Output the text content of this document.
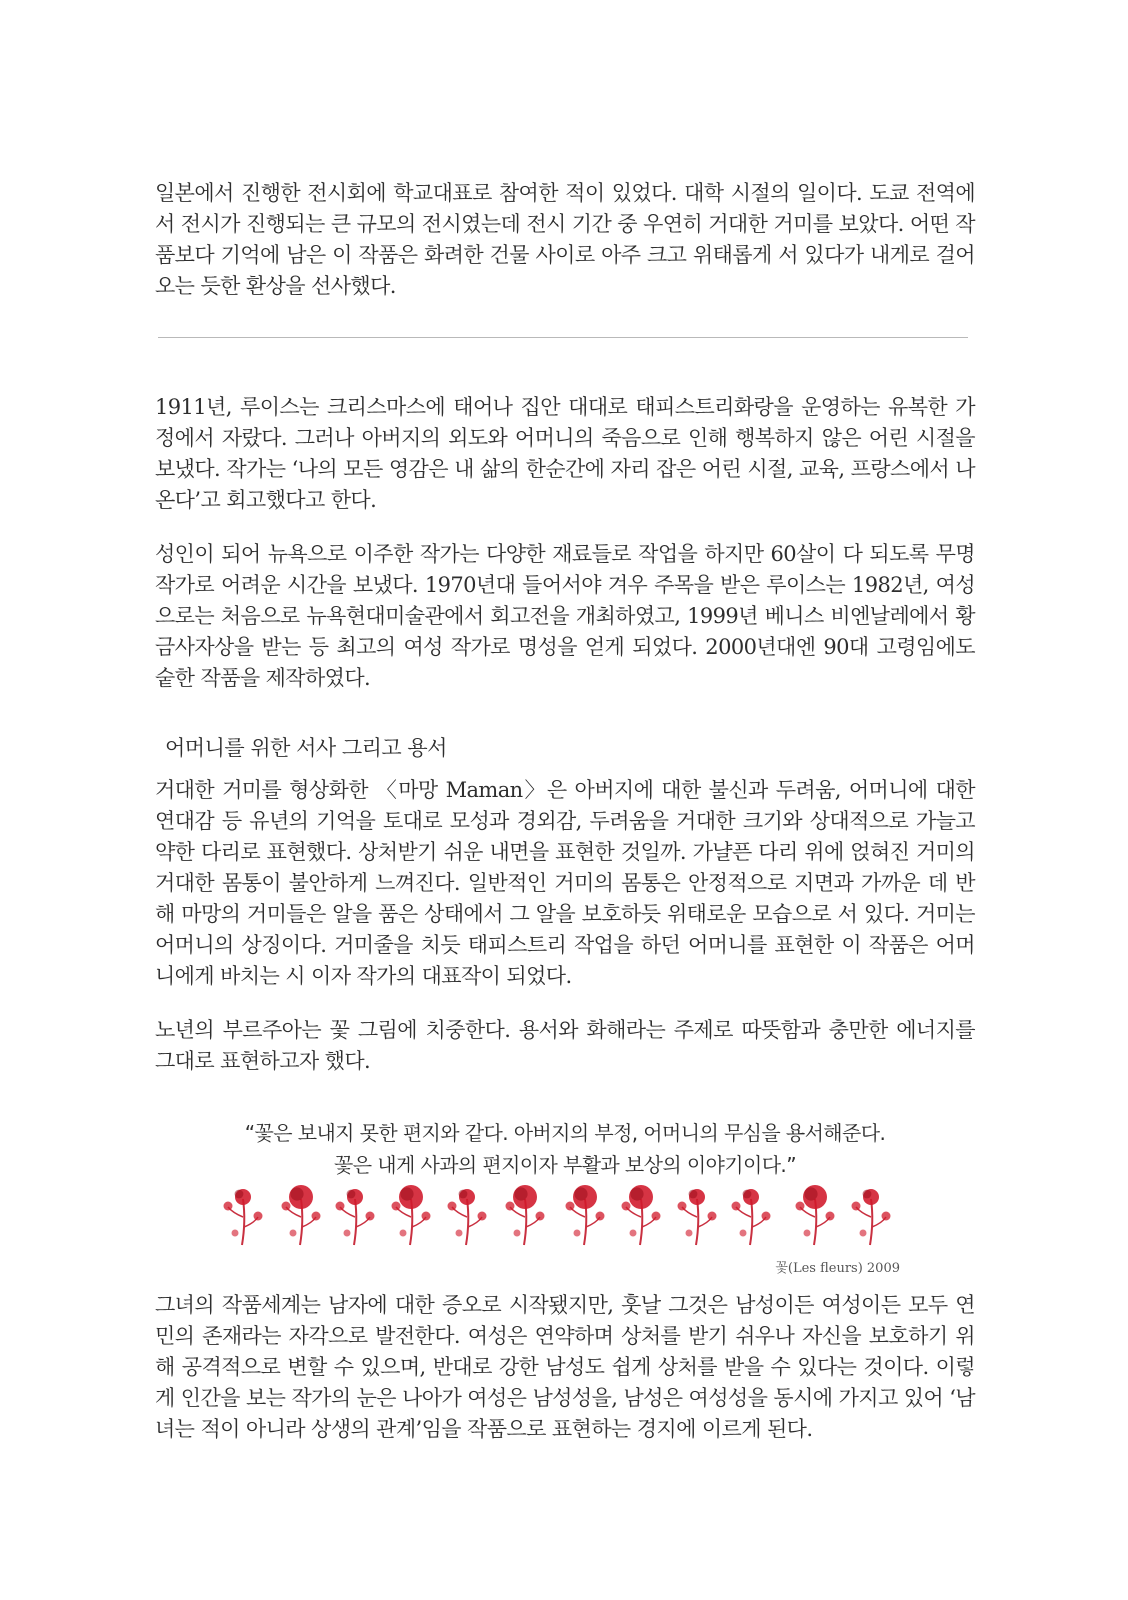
일본에서 진행한 전시회에 학교대표로 참여한 적이 있었다. 대학 시절의 일이다. 도쿄 전역에서 전시가 진행되는 큰 규모의 전시였는데 전시 기간 중 우연히 거대한 거미를 보았다. 어떤 작품보다 기억에 남은 이 작품은 화려한 건물 사이로 아주 크고 위태롭게 서 있다가 내게로 걸어오는 듯한 환상을 선사했다.

1911년, 루이스는 크리스마스에 태어나 집안 대대로 태피스트리화랑을 운영하는 유복한 가정에서 자랐다. 그러나 아버지의 외도와 어머니의 죽음으로 인해 행복하지 않은 어린 시절을 보냈다. 작가는 ‘나의 모든 영감은 내 삶의 한순간에 자리 잡은 어린 시절, 교육, 프랑스에서 나온다’고 회고했다고 한다.

성인이 되어 뉴욕으로 이주한 작가는 다양한 재료들로 작업을 하지만 60살이 다 되도록 무명작가로 어려운 시간을 보냈다. 1970년대 들어서야 겨우 주목을 받은 루이스는 1982년, 여성으로는 처음으로 뉴욕현대미술관에서 회고전을 개최하였고, 1999년 베니스 비엔날레에서 황금사자상을 받는 등 최고의 여성 작가로 명성을 얻게 되었다. 2000년대엔 90대 고령임에도 숱한 작품을 제작하였다.

어머니를 위한 서사 그리고 용서

거대한 거미를 형상화한 〈마망 Maman〉은 아버지에 대한 불신과 두려움, 어머니에 대한 연대감 등 유년의 기억을 토대로 모성과 경외감, 두려움을 거대한 크기와 상대적으로 가늘고 약한 다리로 표현했다. 상처받기 쉬운 내면을 표현한 것일까. 가냘픈 다리 위에 얹혀진 거미의 거대한 몸통이 불안하게 느껴진다. 일반적인 거미의 몸통은 안정적으로 지면과 가까운 데 반해 마망의 거미들은 알을 품은 상태에서 그 알을 보호하듯 위태로운 모습으로 서 있다. 거미는 어머니의 상징이다. 거미줄을 치듯 태피스트리 작업을 하던 어머니를 표현한 이 작품은 어머니에게 바치는 시 이자 작가의 대표작이 되었다.

노년의 부르주아는 꽃 그림에 치중한다. 용서와 화해라는 주제로 따뜻함과 충만한 에너지를 그대로 표현하고자 했다.

“꽃은 보내지 못한 편지와 같다. 아버지의 부정, 어머니의 무심을 용서해준다.
꽃은 내게 사과의 편지이자 부활과 보상의 이야기이다.”

꽃(Les fleurs) 2009

그녀의 작품세계는 남자에 대한 증오로 시작됐지만, 훗날 그것은 남성이든 여성이든 모두 연민의 존재라는 자각으로 발전한다. 여성은 연약하며 상처를 받기 쉬우나 자신을 보호하기 위해 공격적으로 변할 수 있으며, 반대로 강한 남성도 쉽게 상처를 받을 수 있다는 것이다. 이렇게 인간을 보는 작가의 눈은 나아가 여성은 남성성을, 남성은 여성성을 동시에 가지고 있어 ‘남녀는 적이 아니라 상생의 관계’임을 작품으로 표현하는 경지에 이르게 된다.
